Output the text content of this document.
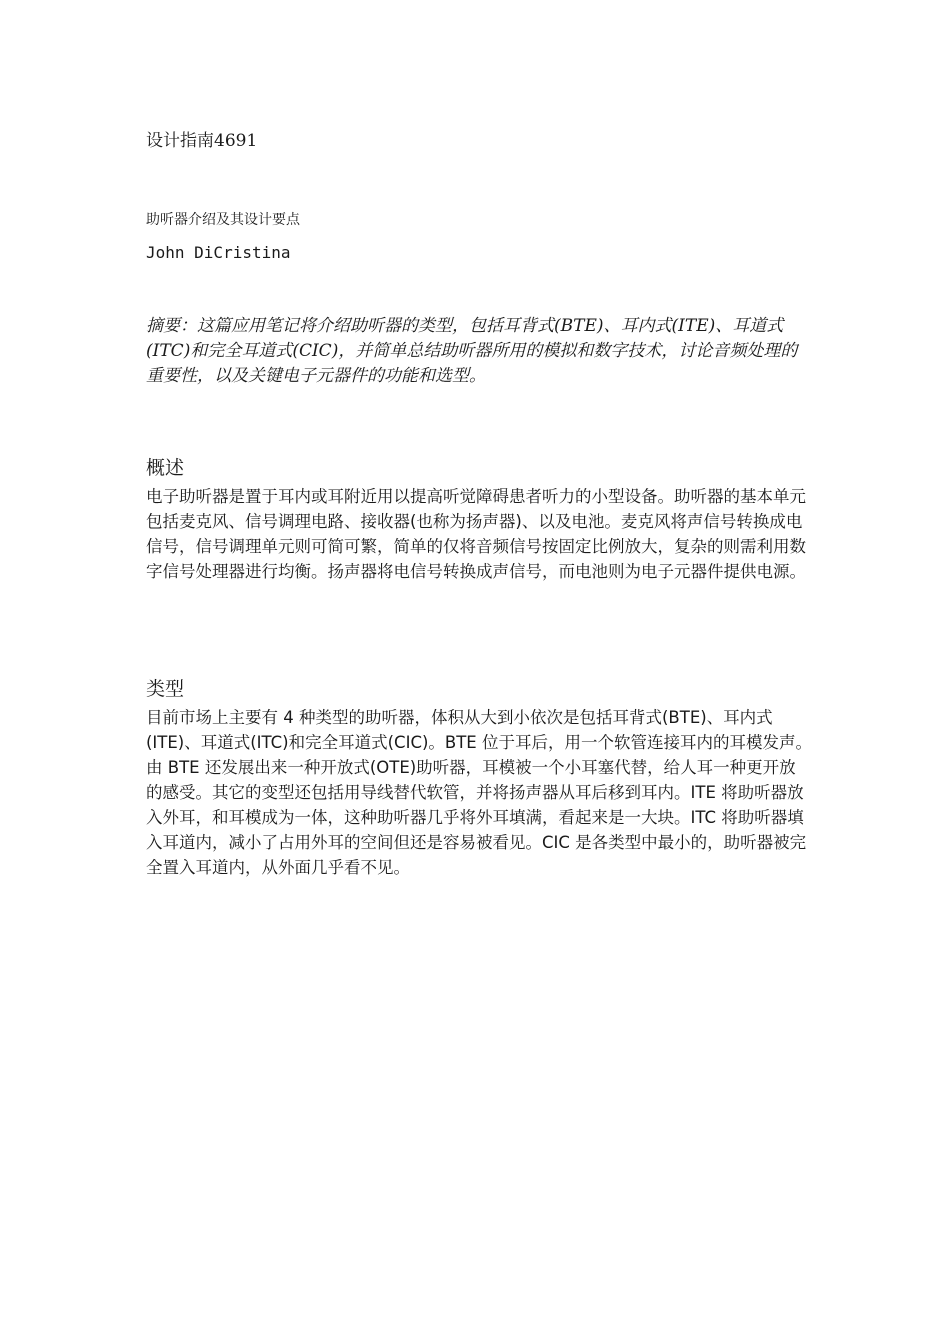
设计指南4691
助听器介绍及其设计要点
John DiCristina

摘要：这篇应用笔记将介绍助听器的类型，包括耳背式(BTE)、耳内式(ITE)、耳道式(ITC)和完全耳道式(CIC)，并简单总结助听器所用的模拟和数字技术，讨论音频处理的重要性，以及关键电子元器件的功能和选型。

概述

电子助听器是置于耳内或耳附近用以提高听觉障碍患者听力的小型设备。助听器的基本单元包括麦克风、信号调理电路、接收器(也称为扬声器)、以及电池。麦克风将声信号转换成电信号，信号调理单元则可简可繁，简单的仅将音频信号按固定比例放大，复杂的则需利用数字信号处理器进行均衡。扬声器将电信号转换成声信号，而电池则为电子元器件提供电源。

类型

目前市场上主要有 4 种类型的助听器，体积从大到小依次是包括耳背式(BTE)、耳内式(ITE)、耳道式(ITC)和完全耳道式(CIC)。BTE 位于耳后，用一个软管连接耳内的耳模发声。由 BTE 还发展出来一种开放式(OTE)助听器，耳模被一个小耳塞代替，给人耳一种更开放的感受。其它的变型还包括用导线替代软管，并将扬声器从耳后移到耳内。ITE 将助听器放入外耳，和耳模成为一体，这种助听器几乎将外耳填满，看起来是一大块。ITC 将助听器填入耳道内，减小了占用外耳的空间但还是容易被看见。CIC 是各类型中最小的，助听器被完全置入耳道内，从外面几乎看不见。
